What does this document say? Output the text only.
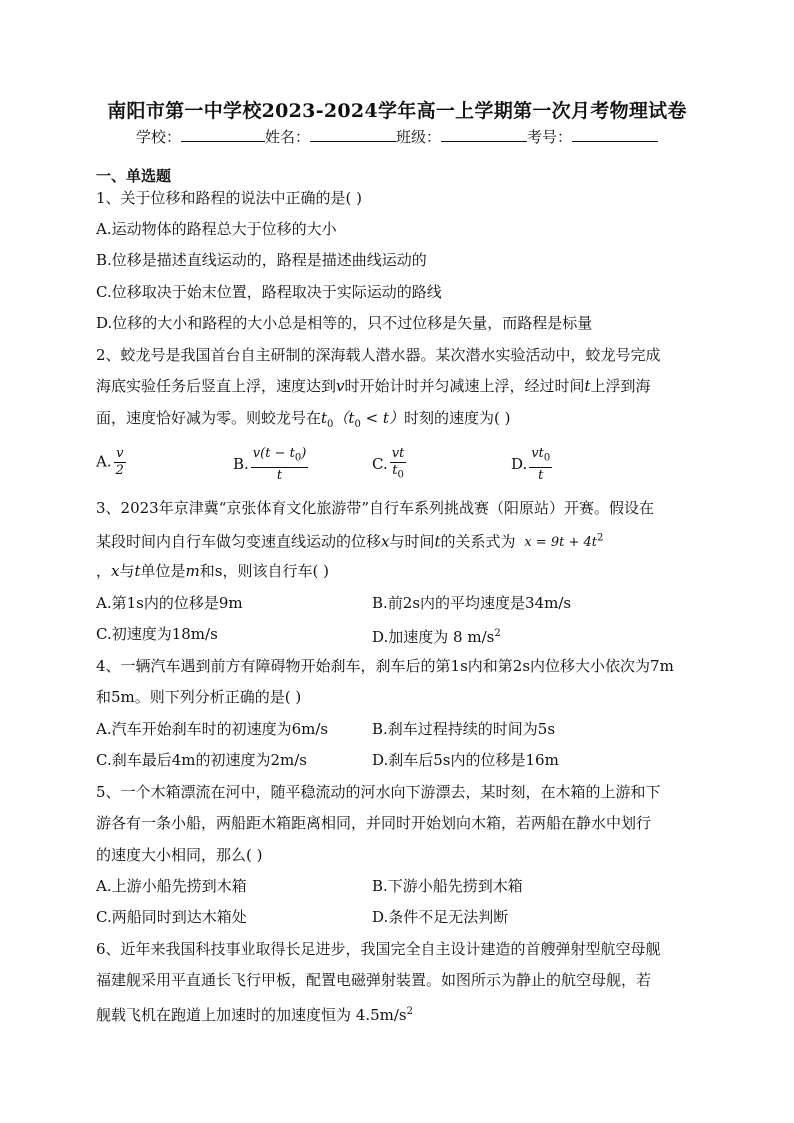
南阳市第一中学校2023-2024学年高一上学期第一次月考物理试卷
学校：	姓名：	班级：	考号：
一、单选题
1、关于位移和路程的说法中正确的是( )
A.运动物体的路程总大于位移的大小
B.位移是描述直线运动的，路程是描述曲线运动的
C.位移取决于始末位置，路程取决于实际运动的路线
D.位移的大小和路程的大小总是相等的，只不过位移是矢量，而路程是标量
2、蛟龙号是我国首台自主研制的深海载人潜水器。某次潜水实验活动中，蛟龙号完成
海底实验任务后竖直上浮，速度达到v时开始计时并匀减速上浮，经过时间t上浮到海
面，速度恰好减为零。则蛟龙号在$t_0(t_0 < t)$时刻的速度为( )
A. $\frac{v}{2}$	B. $\frac{v(t - t_0)}{t}$	C. $\frac{vt}{t_0}$	D. $\frac{vt_0}{t}$
3、2023年京津冀“京张体育文化旅游带”自行车系列挑战赛（阳原站）开赛。假设在
某段时间内自行车做匀变速直线运动的位移x与时间t的关系式为 $x = 9t + 4t^2$
，x与t单位是m和s，则该自行车( )
A.第1s内的位移是9m	B.前2s内的平均速度是34m/s
C.初速度为18m/s	D.加速度为 8 $m/s^2$
4、一辆汽车遇到前方有障碍物开始刹车，刹车后的第1s内和第2s内位移大小依次为7m
和5m。则下列分析正确的是( )
A.汽车开始刹车时的初速度为6m/s	B.刹车过程持续的时间为5s
C.刹车最后4m的初速度为2m/s	D.刹车后5s内的位移是16m
5、一个木箱漂流在河中，随平稳流动的河水向下游漂去，某时刻，在木箱的上游和下
游各有一条小船，两船距木箱距离相同，并同时开始划向木箱，若两船在静水中划行
的速度大小相同，那么( )
A.上游小船先捞到木箱	B.下游小船先捞到木箱
C.两船同时到达木箱处	D.条件不足无法判断
6、近年来我国科技事业取得长足进步，我国完全自主设计建造的首艘弹射型航空母舰
福建舰采用平直通长飞行甲板，配置电磁弹射装置。如图所示为静止的航空母舰，若
舰载飞机在跑道上加速时的加速度恒为 $4.5m/s^2$
